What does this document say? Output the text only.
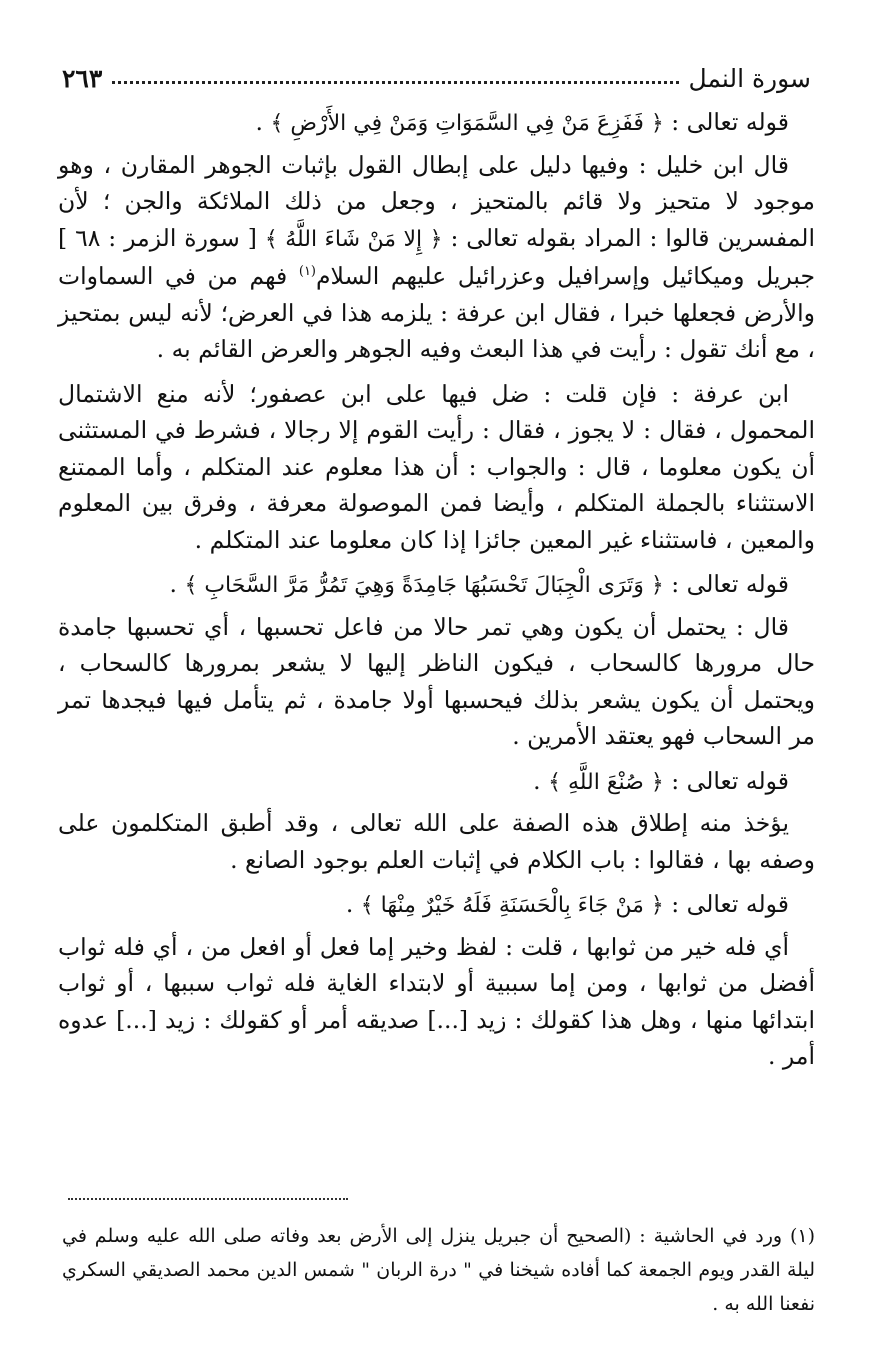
سورة النمل
٢٦٣

قوله تعالى : ﴿ فَفَزِعَ مَنْ فِي السَّمَوَاتِ وَمَنْ فِي الأَرْضِ ﴾ .

قال ابن خليل : وفيها دليل على إبطال القول بإثبات الجوهر المقارن ، وهو موجود لا متحيز ولا قائم بالمتحيز ، وجعل من ذلك الملائكة والجن ؛ لأن المفسرين قالوا : المراد بقوله تعالى : ﴿ إِلا مَنْ شَاءَ اللَّهُ ﴾ [ سورة الزمر : ٦٨ ] جبريل وميكائيل وإسرافيل وعزرائيل عليهم السلام$^{(١)}$ فهم من في السماوات والأرض فجعلها خبرا ، فقال ابن عرفة : يلزمه هذا في العرض؛ لأنه ليس بمتحيز ، مع أنك تقول : رأيت في هذا البعث وفيه الجوهر والعرض القائم به .

ابن عرفة : فإن قلت : ضل فيها على ابن عصفور؛ لأنه منع الاشتمال المحمول ، فقال : لا يجوز ، فقال : رأيت القوم إلا رجالا ، فشرط في المستثنى أن يكون معلوما ، قال : والجواب : أن هذا معلوم عند المتكلم ، وأما الممتنع الاستثناء بالجملة المتكلم ، وأيضا فمن الموصولة معرفة ، وفرق بين المعلوم والمعين ، فاستثناء غير المعين جائزا إذا كان معلوما عند المتكلم .

قوله تعالى : ﴿ وَتَرَى الْجِبَالَ تَحْسَبُهَا جَامِدَةً وَهِيَ تَمُرُّ مَرَّ السَّحَابِ ﴾ .

قال : يحتمل أن يكون وهي تمر حالا من فاعل تحسبها ، أي تحسبها جامدة حال مرورها كالسحاب ، فيكون الناظر إليها لا يشعر بمرورها كالسحاب ، ويحتمل أن يكون يشعر بذلك فيحسبها أولا جامدة ، ثم يتأمل فيها فيجدها تمر مر السحاب فهو يعتقد الأمرين .

قوله تعالى : ﴿ صُنْعَ اللَّهِ ﴾ .

يؤخذ منه إطلاق هذه الصفة على الله تعالى ، وقد أطبق المتكلمون على وصفه بها ، فقالوا : باب الكلام في إثبات العلم بوجود الصانع .

قوله تعالى : ﴿ مَنْ جَاءَ بِالْحَسَنَةِ فَلَهُ خَيْرٌ مِنْهَا ﴾ .

أي فله خير من ثوابها ، قلت : لفظ وخير إما فعل أو افعل من ، أي فله ثواب أفضل من ثوابها ، ومن إما سببية أو لابتداء الغاية فله ثواب سببها ، أو ثواب ابتدائها منها ، وهل هذا كقولك : زيد [...] صديقه أمر أو كقولك : زيد [...] عدوه أمر .

(١) ورد في الحاشية : (الصحيح أن جبريل ينزل إلى الأرض بعد وفاته صلى الله عليه وسلم في ليلة القدر ويوم الجمعة كما أفاده شيخنا في " درة الربان " شمس الدين محمد الصديقي السكري نفعنا الله به .
